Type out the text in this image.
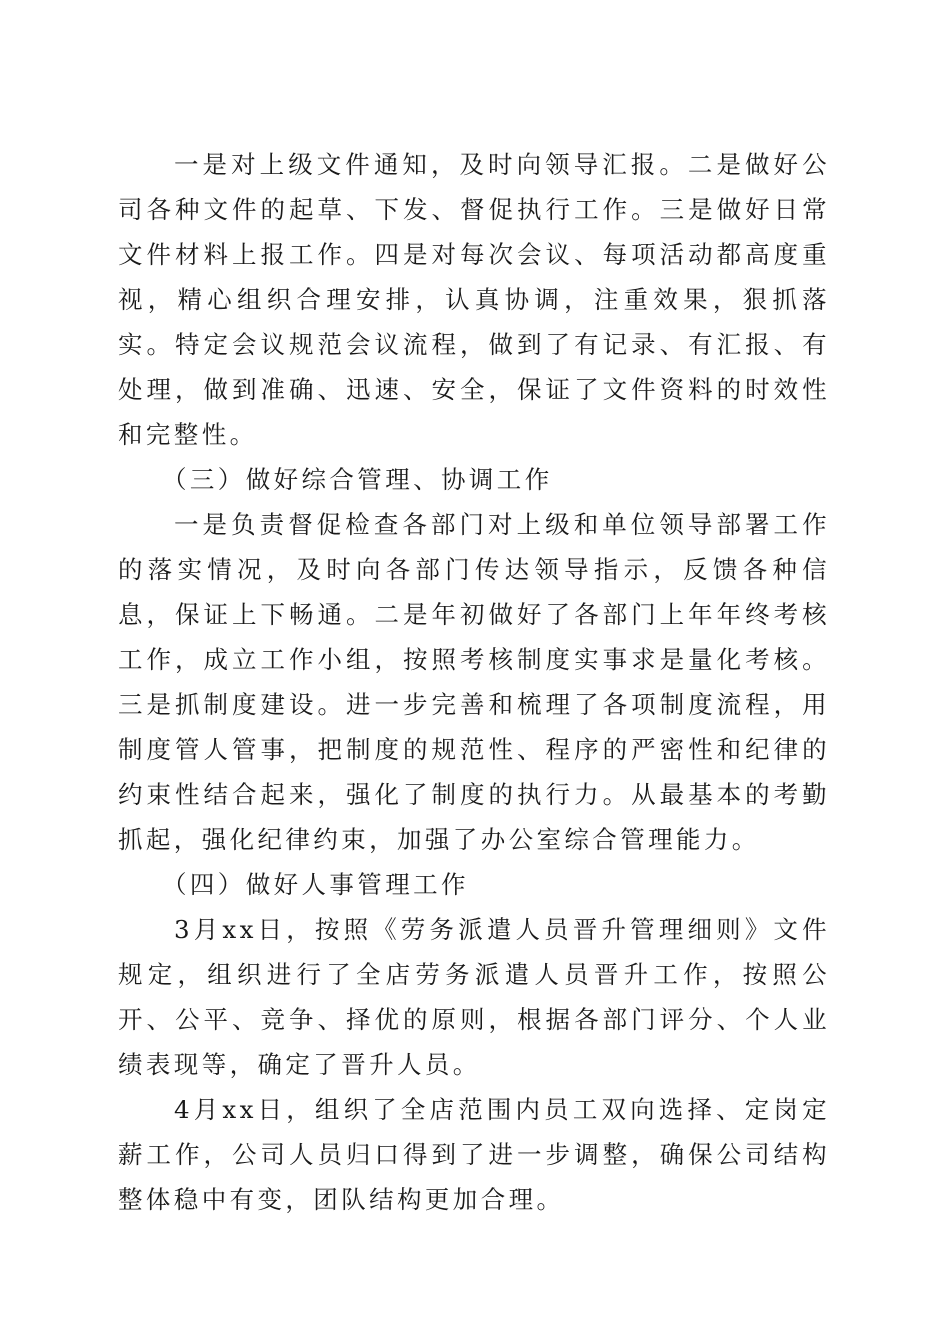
一是对上级文件通知，及时向领导汇报。二是做好公司各种文件的起草、下发、督促执行工作。三是做好日常文件材料上报工作。四是对每次会议、每项活动都高度重视，精心组织合理安排，认真协调，注重效果，狠抓落实。特定会议规范会议流程，做到了有记录、有汇报、有处理，做到准确、迅速、安全，保证了文件资料的时效性和完整性。

（三）做好综合管理、协调工作

一是负责督促检查各部门对上级和单位领导部署工作的落实情况，及时向各部门传达领导指示，反馈各种信息，保证上下畅通。二是年初做好了各部门上年年终考核工作，成立工作小组，按照考核制度实事求是量化考核。三是抓制度建设。进一步完善和梳理了各项制度流程，用制度管人管事，把制度的规范性、程序的严密性和纪律的约束性结合起来，强化了制度的执行力。从最基本的考勤抓起，强化纪律约束，加强了办公室综合管理能力。

（四）做好人事管理工作

3月xx日，按照《劳务派遣人员晋升管理细则》文件规定，组织进行了全店劳务派遣人员晋升工作，按照公开、公平、竞争、择优的原则，根据各部门评分、个人业绩表现等，确定了晋升人员。

4月xx日，组织了全店范围内员工双向选择、定岗定薪工作，公司人员归口得到了进一步调整，确保公司结构整体稳中有变，团队结构更加合理。
